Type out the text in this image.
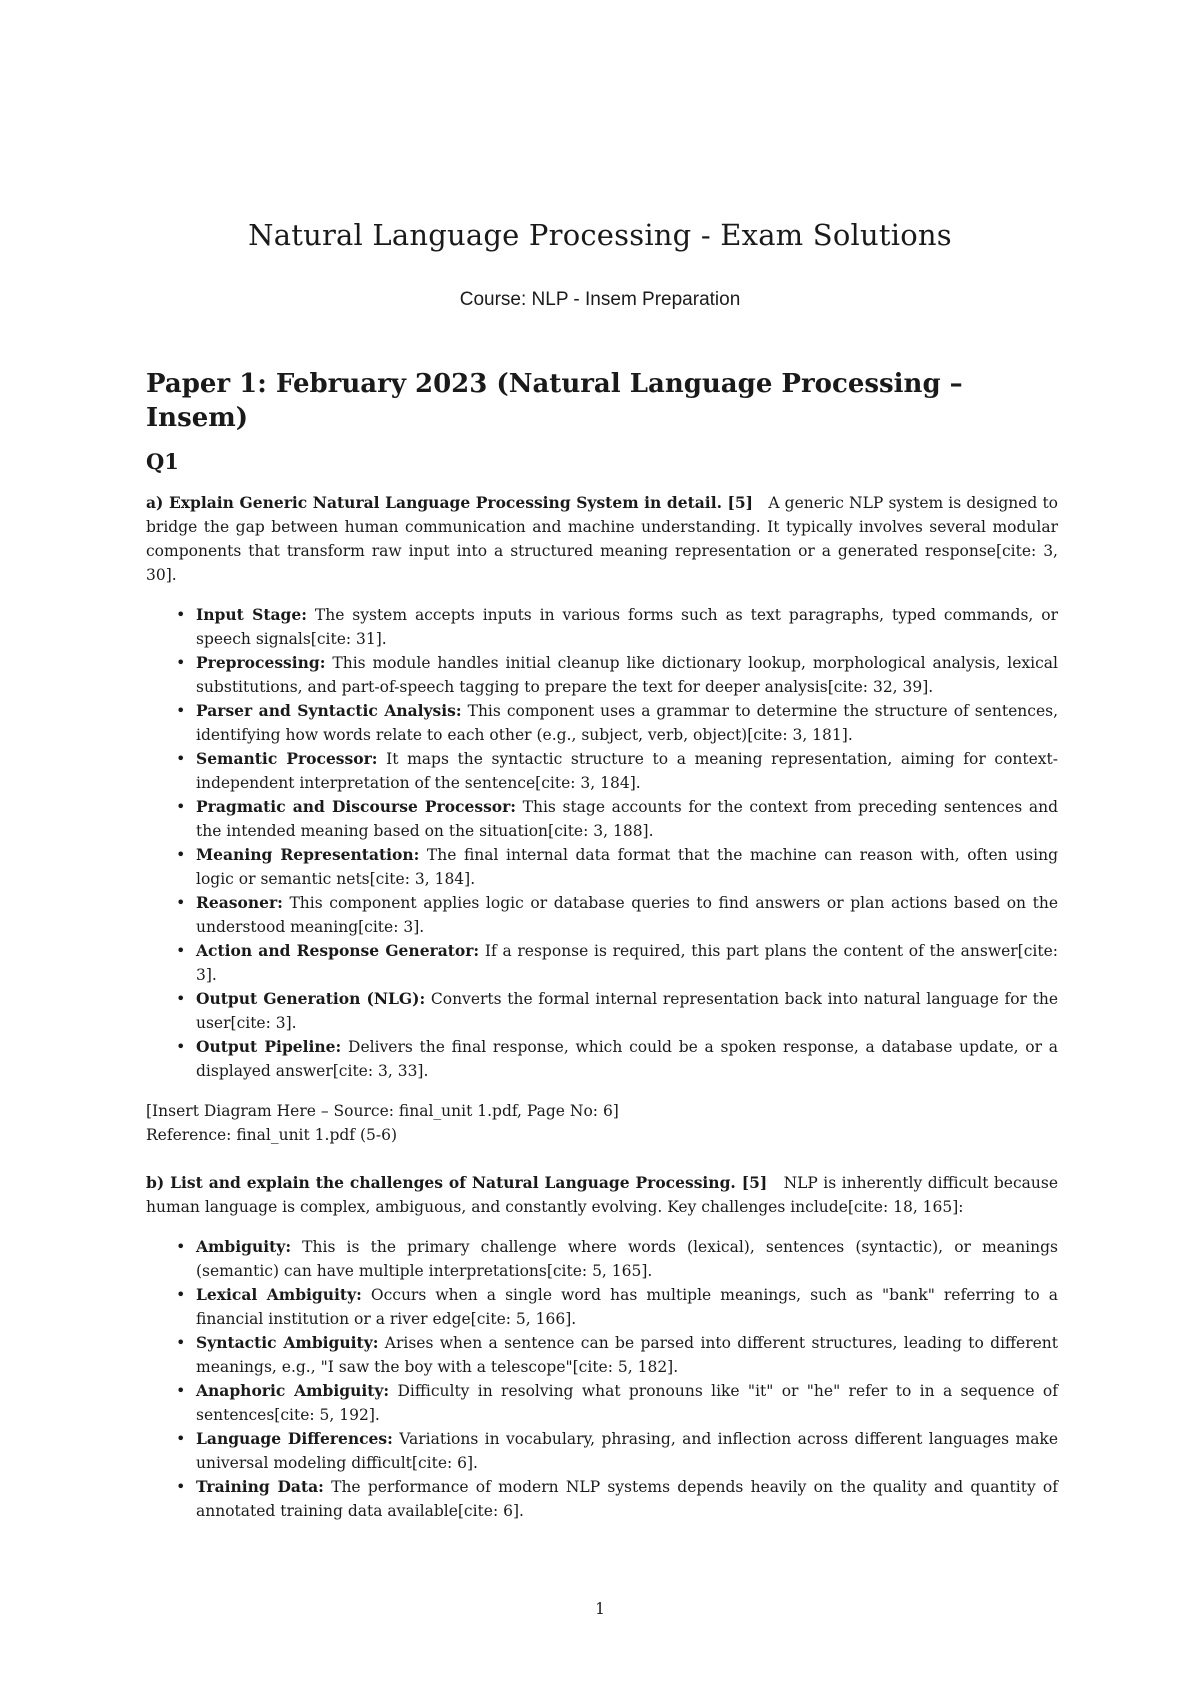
Natural Language Processing - Exam Solutions
Course: NLP - Insem Preparation
Paper 1: February 2023 (Natural Language Processing – Insem)
Q1

a) Explain Generic Natural Language Processing System in detail. [5] A generic NLP system is designed to bridge the gap between human communication and machine understanding. It typically involves several modular components that transform raw input into a structured meaning representation or a generated response[cite: 3, 30].

• Input Stage: The system accepts inputs in various forms such as text paragraphs, typed commands, or speech signals[cite: 31].
• Preprocessing: This module handles initial cleanup like dictionary lookup, morphological analysis, lexical substitutions, and part-of-speech tagging to prepare the text for deeper analysis[cite: 32, 39].
• Parser and Syntactic Analysis: This component uses a grammar to determine the structure of sentences, identifying how words relate to each other (e.g., subject, verb, object)[cite: 3, 181].
• Semantic Processor: It maps the syntactic structure to a meaning representation, aiming for context-independent interpretation of the sentence[cite: 3, 184].
• Pragmatic and Discourse Processor: This stage accounts for the context from preceding sentences and the intended meaning based on the situation[cite: 3, 188].
• Meaning Representation: The final internal data format that the machine can reason with, often using logic or semantic nets[cite: 3, 184].
• Reasoner: This component applies logic or database queries to find answers or plan actions based on the understood meaning[cite: 3].
• Action and Response Generator: If a response is required, this part plans the content of the answer[cite: 3].
• Output Generation (NLG): Converts the formal internal representation back into natural language for the user[cite: 3].
• Output Pipeline: Delivers the final response, which could be a spoken response, a database update, or a displayed answer[cite: 3, 33].

[Insert Diagram Here – Source: final_unit 1.pdf, Page No: 6]

Reference: final_unit 1.pdf (5-6)

b) List and explain the challenges of Natural Language Processing. [5] NLP is inherently difficult because human language is complex, ambiguous, and constantly evolving. Key challenges include[cite: 18, 165]:

• Ambiguity: This is the primary challenge where words (lexical), sentences (syntactic), or meanings (semantic) can have multiple interpretations[cite: 5, 165].
• Lexical Ambiguity: Occurs when a single word has multiple meanings, such as "bank" referring to a financial institution or a river edge[cite: 5, 166].
• Syntactic Ambiguity: Arises when a sentence can be parsed into different structures, leading to different meanings, e.g., "I saw the boy with a telescope"[cite: 5, 182].
• Anaphoric Ambiguity: Difficulty in resolving what pronouns like "it" or "he" refer to in a sequence of sentences[cite: 5, 192].
• Language Differences: Variations in vocabulary, phrasing, and inflection across different languages make universal modeling difficult[cite: 6].
• Training Data: The performance of modern NLP systems depends heavily on the quality and quantity of annotated training data available[cite: 6].
1
